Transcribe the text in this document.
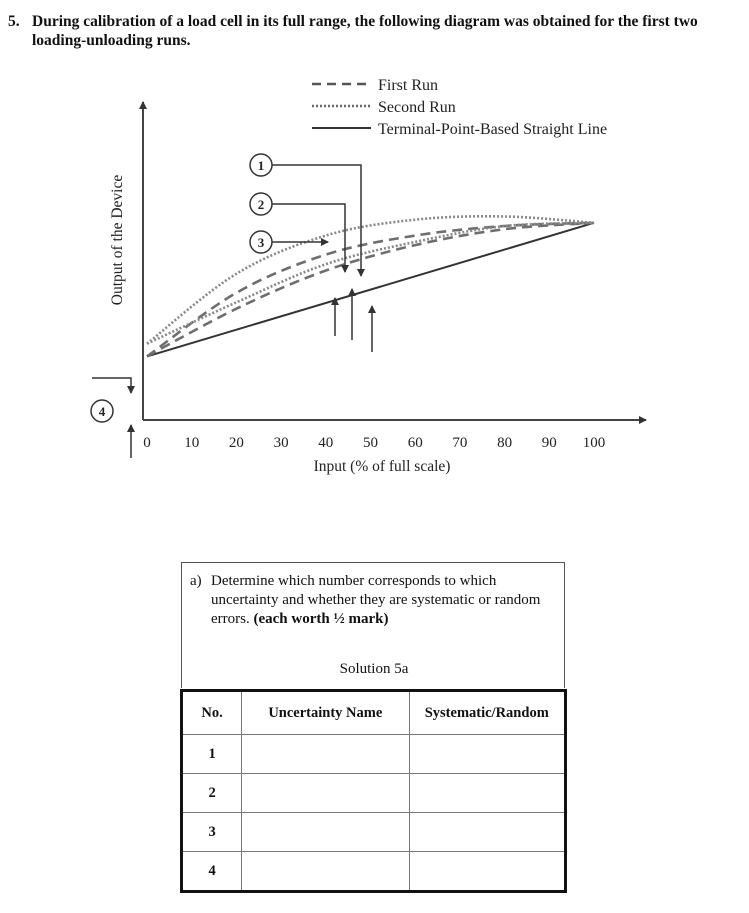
5. During calibration of a load cell in its full range, the following diagram was obtained for the first two loading-unloading runs.
0 10 20 30 40 50 60 70 80 90 100
Input (% of full scale)
Output of the Device
First Run
Second Run
Terminal-Point-Based Straight Line
1
2
3
4
a) Determine which number corresponds to which uncertainty and whether they are systematic or random errors. (each worth ½ mark)
Solution 5a
No.	Uncertainty Name	Systematic/Random
1		
2		
3		
4		
